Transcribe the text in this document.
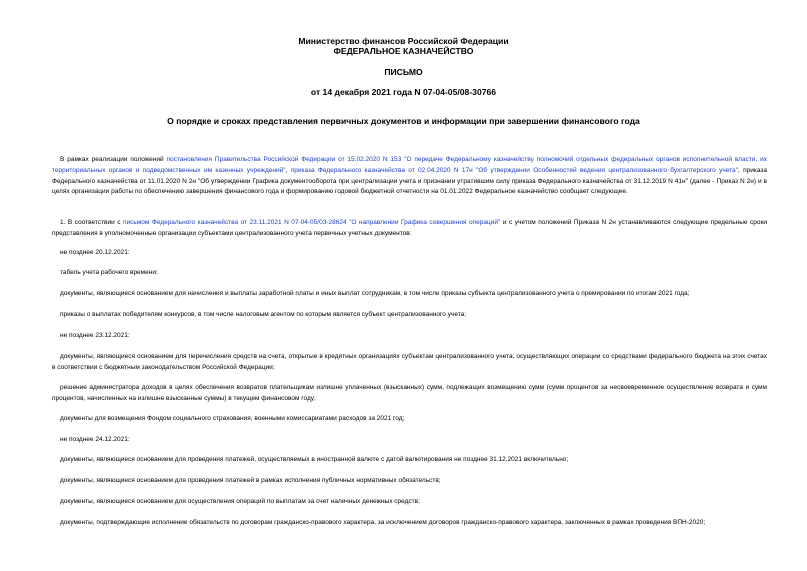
Министерство финансов Российской Федерации
ФЕДЕРАЛЬНОЕ КАЗНАЧЕЙСТВО
ПИСЬМО
от 14 декабря 2021 года N 07-04-05/08-30766
О порядке и сроках представления первичных документов и информации при завершении финансового года
В рамках реализации положений постановления Правительства Российской Федерации от 15.02.2020 N 153 "О передаче Федеральному казначейству полномочий отдельных федеральных органов исполнительной власти, их территориальных органов и подведомственных им казенных учреждений", приказа Федерального казначейства от 02.04.2020 N 17н "Об утверждении Особенностей ведения централизованного бухгалтерского учета", приказа Федерального казначейства от 11.01.2020 N 2н "Об утверждении Графика документооборота при централизации учета и признании утратившим силу приказа Федерального казначейства от 31.12.2019 N 41н" (далее - Приказ N 2н) и в целях организации работы по обеспечению завершения финансового года и формированию годовой бюджетной отчетности на 01.01.2022 Федеральное казначейство сообщает следующее.
1. В соответствии с письмом Федерального казначейства от 23.11.2021 N 07-04-05/03-28624 "О направлении Графика совершения операций" и с учетом положений Приказа N 2н устанавливаются следующие предельные сроки представления в уполномоченные организации субъектами централизованного учета первичных учетных документов:
не позднее 20.12.2021:
табель учета рабочего времени;
документы, являющиеся основанием для начисления и выплаты заработной платы и иных выплат сотрудникам, в том числе приказы субъекта централизованного учета о премировании по итогам 2021 года;
приказы о выплатах победителям конкурсов, в том числе налоговым агентом по которым является субъект централизованного учета;
не позднее 23.12.2021:
документы, являющиеся основанием для перечисления средств на счета, открытые в кредитных организациях субъектам централизованного учета, осуществляющих операции со средствами федерального бюджета на этих счетах в соответствии с бюджетным законодательством Российской Федерации;
решение администратора доходов в целях обеспечения возвратов плательщикам излишне уплаченных (взысканных) сумм, подлежащих возмещению сумм (сумм процентов за несвоевременное осуществление возврата и сумм процентов, начисленных на излишне взысканные суммы) в текущем финансовом году;
документы для возмещения Фондом социального страхования, военными комиссариатами расходов за 2021 год;
не позднее 24.12.2021:
документы, являющиеся основанием для проведения платежей, осуществляемых в иностранной валюте с датой валютирования не позднее 31.12.2021 включительно;
документы, являющиеся основанием для проведения платежей в рамках исполнения публичных нормативных обязательств;
документы, являющиеся основанием для осуществления операций по выплатам за счет наличных денежных средств;
документы, подтверждающие исполнение обязательств по договорам гражданско-правового характера, за исключением договоров гражданско-правового характера, заключенных в рамках проведения ВПН-2020;
